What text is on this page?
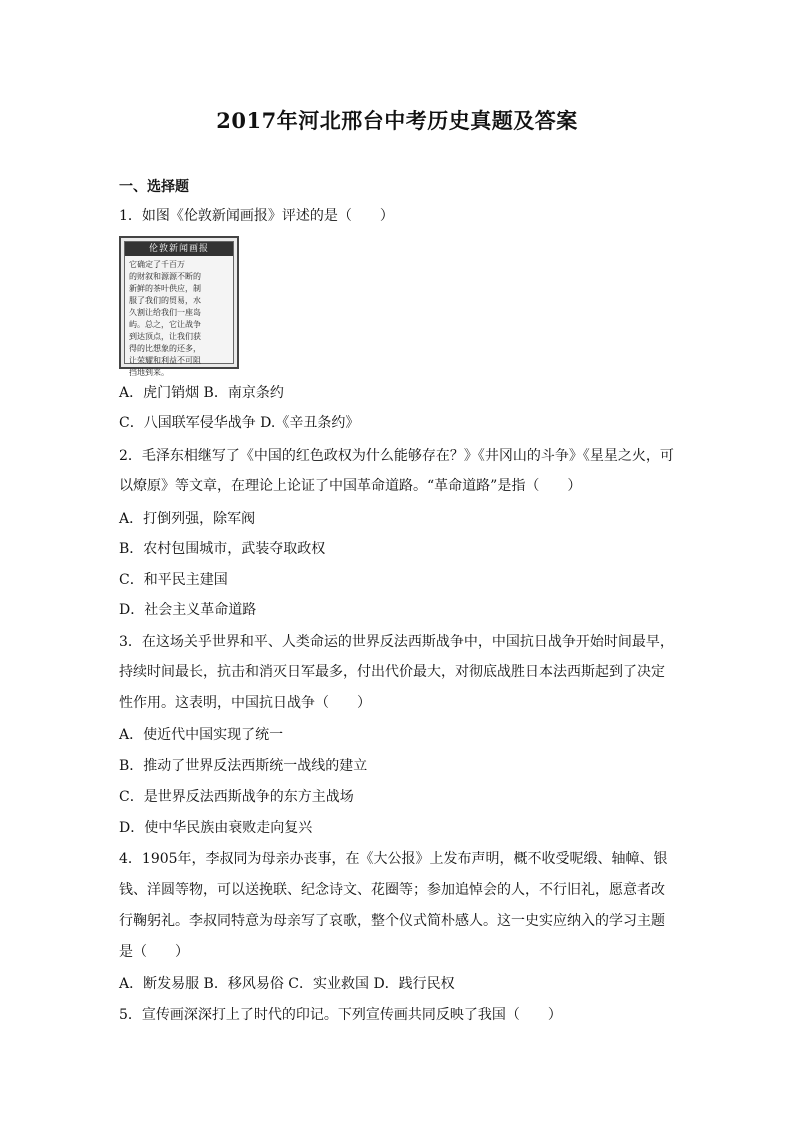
2017年河北邢台中考历史真题及答案
一、选择题
1．如图《伦敦新闻画报》评述的是（　　）
伦敦新闻画报
它确定了千百万
的财叙和源源不断的
新鲜的茶叶供应，制
服了我们的贸易，水
久割让给我们一座岛
屿。总之，它让战争
到达顶点，让我们获
得的比想象的还多，
让荣耀和利益不可阻
挡地到来。
A．虎门销烟 B．南京条约
C．八国联军侵华战争 D.《辛丑条约》
2．毛泽东相继写了《中国的红色政权为什么能够存在？》《井冈山的斗争》《星星之火，可
以燎原》等文章，在理论上论证了中国革命道路。“革命道路”是指（　　）
A．打倒列强，除军阀
B．农村包围城市，武装夺取政权
C．和平民主建国
D．社会主义革命道路
3．在这场关乎世界和平、人类命运的世界反法西斯战争中，中国抗日战争开始时间最早，
持续时间最长，抗击和消灭日军最多，付出代价最大，对彻底战胜日本法西斯起到了决定
性作用。这表明，中国抗日战争（　　）
A．使近代中国实现了统一
B．推动了世界反法西斯统一战线的建立
C．是世界反法西斯战争的东方主战场
D．使中华民族由衰败走向复兴
4．1905年，李叔同为母亲办丧事，在《大公报》上发布声明，概不收受呢缎、轴幛、银
钱、洋圆等物，可以送挽联、纪念诗文、花圈等；参加追悼会的人，不行旧礼，愿意者改
行鞠躬礼。李叔同特意为母亲写了哀歌，整个仪式简朴感人。这一史实应纳入的学习主题
是（　　）
A．断发易服 B．移风易俗 C．实业救国 D．践行民权
5．宣传画深深打上了时代的印记。下列宣传画共同反映了我国（　　）
